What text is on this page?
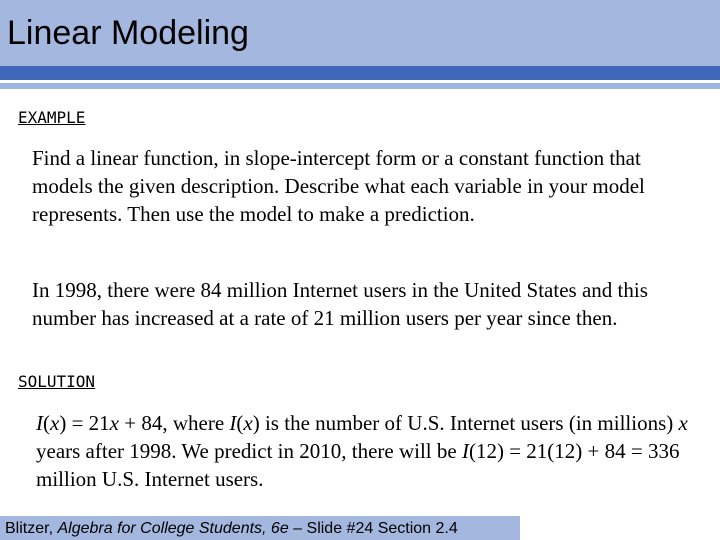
Linear Modeling
EXAMPLE

Find a linear function, in slope-intercept form or a constant function that models the given description. Describe what each variable in your model represents. Then use the model to make a prediction.

In 1998, there were 84 million Internet users in the United States and this number has increased at a rate of 21 million users per year since then.

SOLUTION

I(x) = 21x + 84, where I(x) is the number of U.S. Internet users (in millions) x years after 1998. We predict in 2010, there will be I(12) = 21(12) + 84 = 336 million U.S. Internet users.

Blitzer, Algebra for College Students, 6e – Slide #24 Section 2.4
